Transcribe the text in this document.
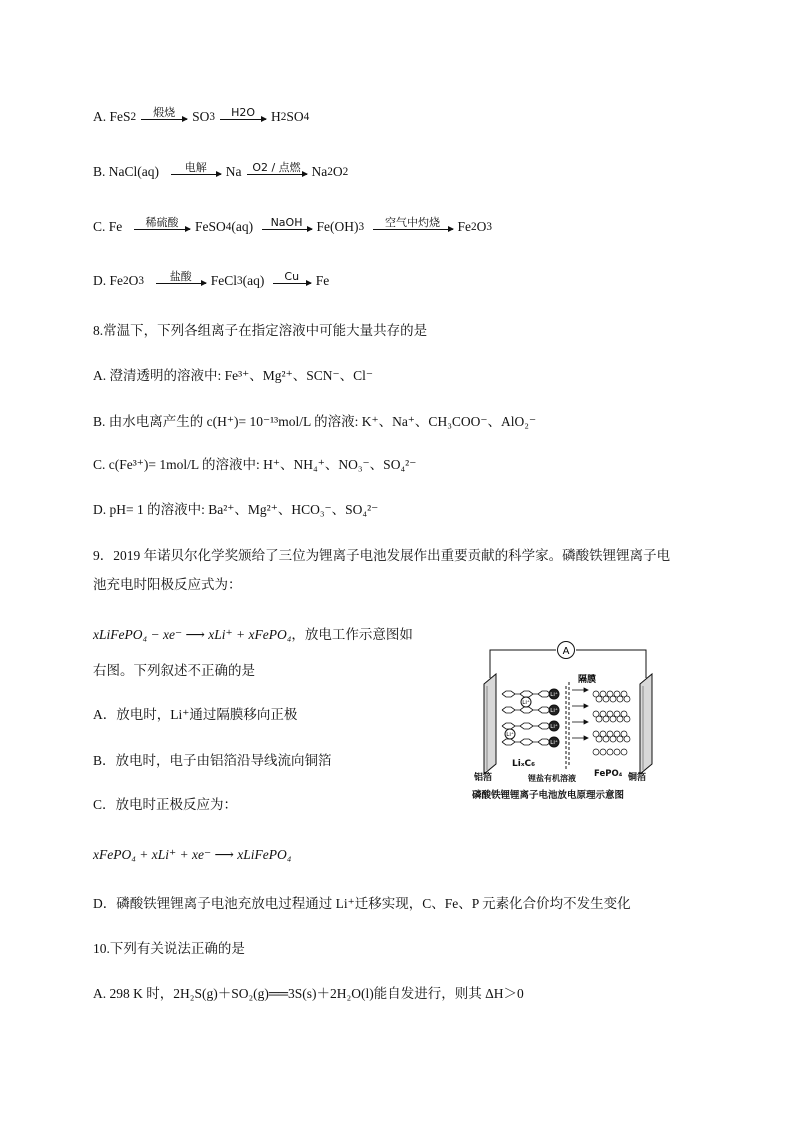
A.
FeS 2 煅烧 SO 3 H2O H 2 SO 4
B.
NaCl(aq)
电解 Na O2 / 点燃 Na 2 O 2
C.
Fe
稀硫酸 FeSO 4 (aq)
NaOH Fe(OH) 3
空气中灼烧 Fe 2 O 3
D.
Fe 2 O 3
盐酸 FeCl 3 (aq)
Cu Fe
8.常温下，下列各组离子在指定溶液中可能大量共存的是
A. 澄清透明的溶液中: Fe³⁺、Mg²⁺、SCN⁻、Cl⁻
B. 由水电离产生的 c(H⁺)= 10⁻¹³mol/L 的溶液: K⁺、Na⁺、CH₃COO⁻、AlO₂⁻
C. c(Fe³⁺)= 1mol/L 的溶液中: H⁺、NH₄⁺、NO₃⁻、SO₄²⁻
D. pH= 1 的溶液中: Ba²⁺、Mg²⁺、HCO₃⁻、SO₄²⁻
9．2019 年诺贝尔化学奖颁给了三位为锂离子电池发展作出重要贡献的科学家。磷酸铁锂锂离子电
池充电时阳极反应式为：
xLiFePO₄ − xe⁻ ⟶ xLi⁺ + xFePO₄，放电工作示意图如
右图。下列叙述不正确的是
A．放电时，Li⁺通过隔膜移向正极
B．放电时，电子由铝箔沿导线流向铜箔
C．放电时正极反应为：
xFePO₄ + xLi⁺ + xe⁻ ⟶ xLiFePO₄
D．磷酸铁锂锂离子电池充放电过程通过 Li⁺迁移实现，C、Fe、P 元素化合价均不发生变化
10.下列有关说法正确的是
A. 298 K 时，2H₂S(g)＋SO₂(g)══3S(s)＋2H₂O(l)能自发进行，则其 ΔH＞0
A
隔膜
Li⁺
Li⁺
Li⁺
Li⁺
Li⁺
Li⁺
铝箔
LiₓC₆
锂盐有机溶液 FePO₄ 铜箔
磷酸铁锂锂离子电池放电原理示意图
